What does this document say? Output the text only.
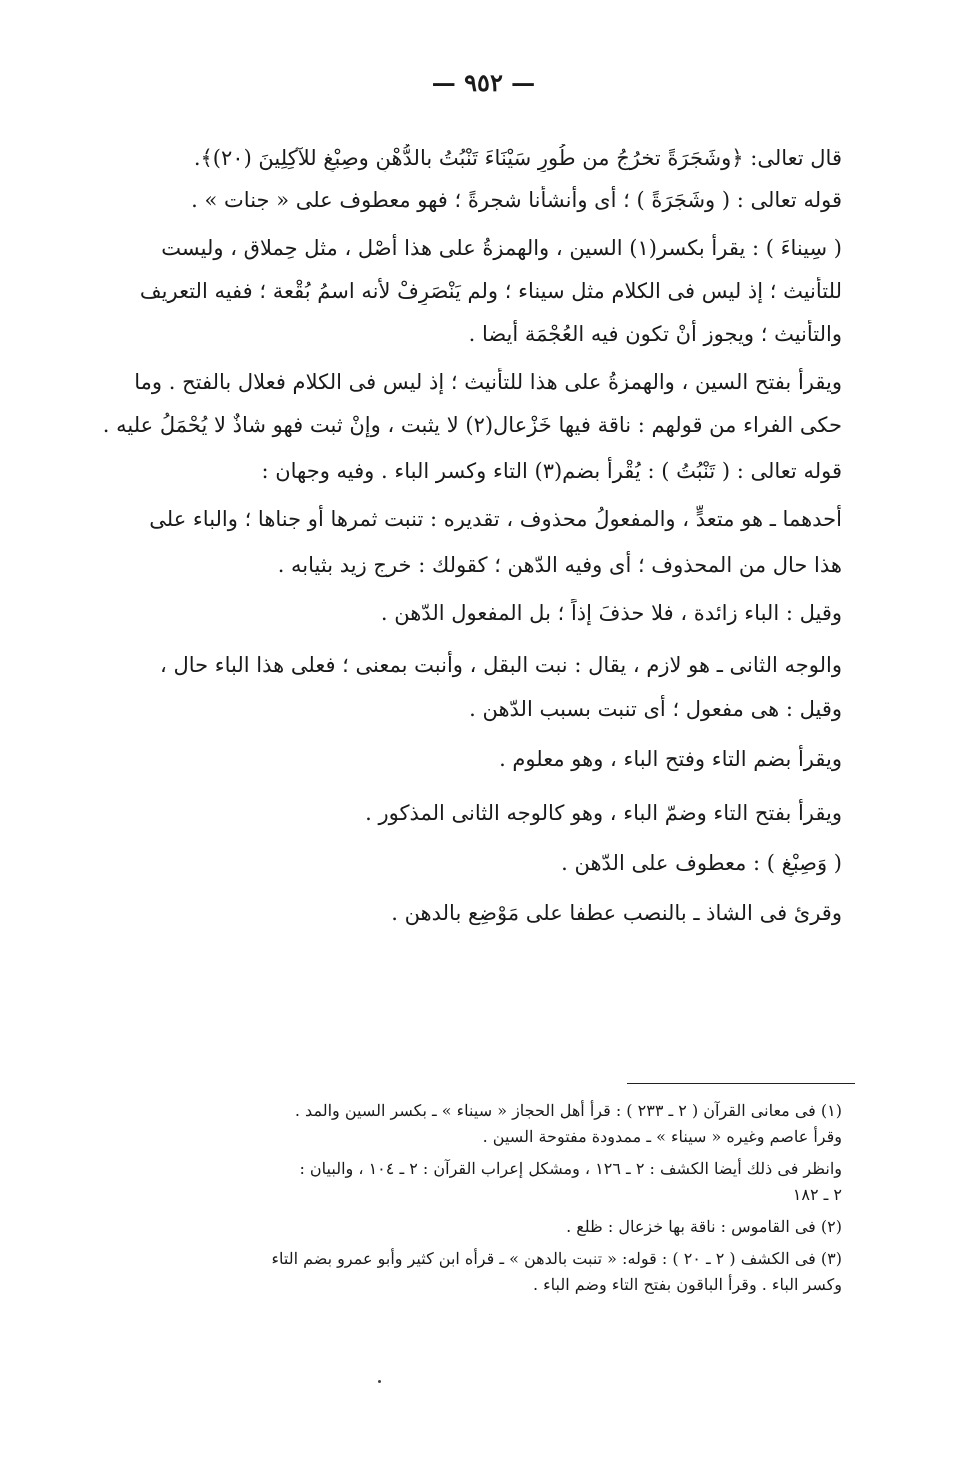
— ٩٥٢ —

قال تعالى: ﴿وشَجَرَةً تخرُجُ من طُورِ سَيْنَاءَ تَنْبُتُ بالدُّهْنِ وصِبْغٍ للآكِلِينَ (٢٠)﴾.

قوله تعالى : ( وشَجَرَةً ) ؛ أى وأنشأنا شجرةً ؛ فهو معطوف على « جنات » .

( سِيناءَ ) : يقرأ بكسر(١) السين ، والهمزةُ على هذا أصْل ، مثل حِملاق ، وليست

للتأنيث ؛ إذ ليس فى الكلام مثل سيناء ؛ ولم يَنْصَرِفْ لأنه اسمُ بُقْعة ؛ ففيه التعريف

والتأنيث ؛ ويجوز أنْ تكون فيه العُجْمَة أيضا .

ويقرأ بفتح السين ، والهمزةُ على هذا للتأنيث ؛ إذ ليس فى الكلام فعلال بالفتح . وما

حكى الفراء من قولهم : ناقة فيها خَزْعال(٢) لا يثبت ، وإنْ ثبت فهو شاذٌ لا يُحْمَلُ عليه .

قوله تعالى : ( تَنْبُتُ ) : يُقْرأُ بضم(٣) التاء وكسر الباء . وفيه وجهان :

أحدهما ـ هو متعدٍّ ، والمفعولُ محذوف ، تقديره : تنبت ثمرها أو جناها ؛ والباء على

هذا حال من المحذوف ؛ أى وفيه الدّهن ؛ كقولك : خرج زيد بثيابه .

وقيل : الباء زائدة ، فلا حذفَ إذاً ؛ بل المفعول الدّهن .

والوجه الثانى ـ هو لازم ، يقال : نبت البقل ، وأنبت بمعنى ؛ فعلى هذا الباء حال ،

وقيل : هى مفعول ؛ أى تنبت بسبب الدّهن .

ويقرأ بضم التاء وفتح الباء ، وهو معلوم .

ويقرأ بفتح التاء وضمّ الباء ، وهو كالوجه الثانى المذكور .

( وَصِبْغٍ ) : معطوف على الدّهن .

وقرئ فى الشاذ ـ بالنصب عطفا على مَوْضِع بالدهن .

(١) فى معانى القرآن ( ٢ ـ ٢٣٣ ) : قرأ أهل الحجاز « سيناء » ـ بكسر السين والمد .

وقرأ عاصم وغيره « سيناء » ـ ممدودة مفتوحة السين .

وانظر فى ذلك أيضا الكشف : ٢ ـ ١٢٦ ، ومشكل إعراب القرآن : ٢ ـ ١٠٤ ، والبيان :

٢ ـ ١٨٢

(٢) فى القاموس : ناقة بها خزعال : ظلع .

(٣) فى الكشف ( ٢ ـ ٢٠ ) : قوله: « تنبت بالدهن » ـ قرأه ابن كثير وأبو عمرو بضم التاء

وكسر الباء . وقرأ الباقون بفتح التاء وضم الباء .
